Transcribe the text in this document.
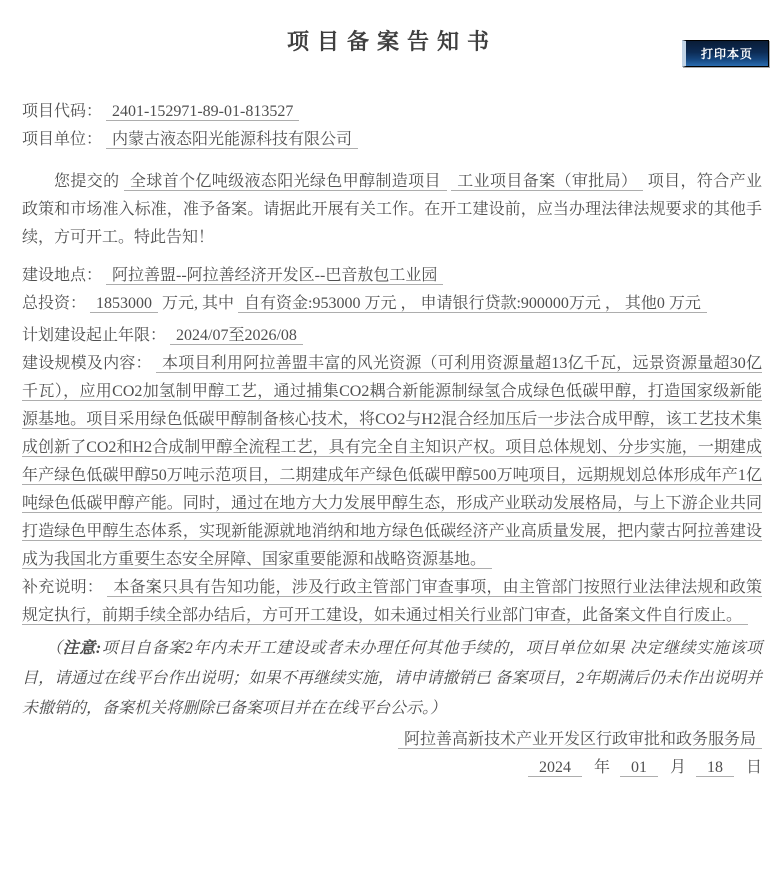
打印本页
项目备案告知书

项目代码： 2401-152971-89-01-813527

项目单位： 内蒙古液态阳光能源科技有限公司

您提交的 全球首个亿吨级液态阳光绿色甲醇制造项目 工业项目备案（审批局） 项目，符合产业政策和市场准入标准，准予备案。请据此开展有关工作。在开工建设前，应当办理法律法规要求的其他手续，方可开工。特此告知！

建设地点： 阿拉善盟--阿拉善经济开发区--巴音敖包工业园

总投资： 1853000 万元, 其中 自有资金:953000 万元 ， 申请银行贷款:900000万元 ， 其他0 万元

计划建设起止年限： 2024/07至2026/08

建设规模及内容： 本项目利用阿拉善盟丰富的风光资源（可利用资源量超13亿千瓦，远景资源量超30亿千瓦），应用CO2加氢制甲醇工艺，通过捕集CO2耦合新能源制绿氢合成绿色低碳甲醇，打造国家级新能源基地。项目采用绿色低碳甲醇制备核心技术，将CO2与H2混合经加压后一步法合成甲醇，该工艺技术集成创新了CO2和H2合成制甲醇全流程工艺，具有完全自主知识产权。项目总体规划、分步实施，一期建成年产绿色低碳甲醇50万吨示范项目，二期建成年产绿色低碳甲醇500万吨项目，远期规划总体形成年产1亿吨绿色低碳甲醇产能。同时，通过在地方大力发展甲醇生态，形成产业联动发展格局，与上下游企业共同打造绿色甲醇生态体系，实现新能源就地消纳和地方绿色低碳经济产业高质量发展，把内蒙古阿拉善建设成为我国北方重要生态安全屏障、国家重要能源和战略资源基地。

补充说明： 本备案只具有告知功能，涉及行政主管部门审查事项，由主管部门按照行业法律法规和政策规定执行，前期手续全部办结后，方可开工建设，如未通过相关行业部门审查，此备案文件自行废止。

（注意:项目自备案2年内未开工建设或者未办理任何其他手续的，项目单位如果 决定继续实施该项目，请通过在线平台作出说明；如果不再继续实施，请申请撤销已 备案项目，2年期满后仍未作出说明并未撤销的，备案机关将删除已备案项目并在在线平台公示。）

阿拉善高新技术产业开发区行政审批和政务服务局

2024 年 01 月 18 日
